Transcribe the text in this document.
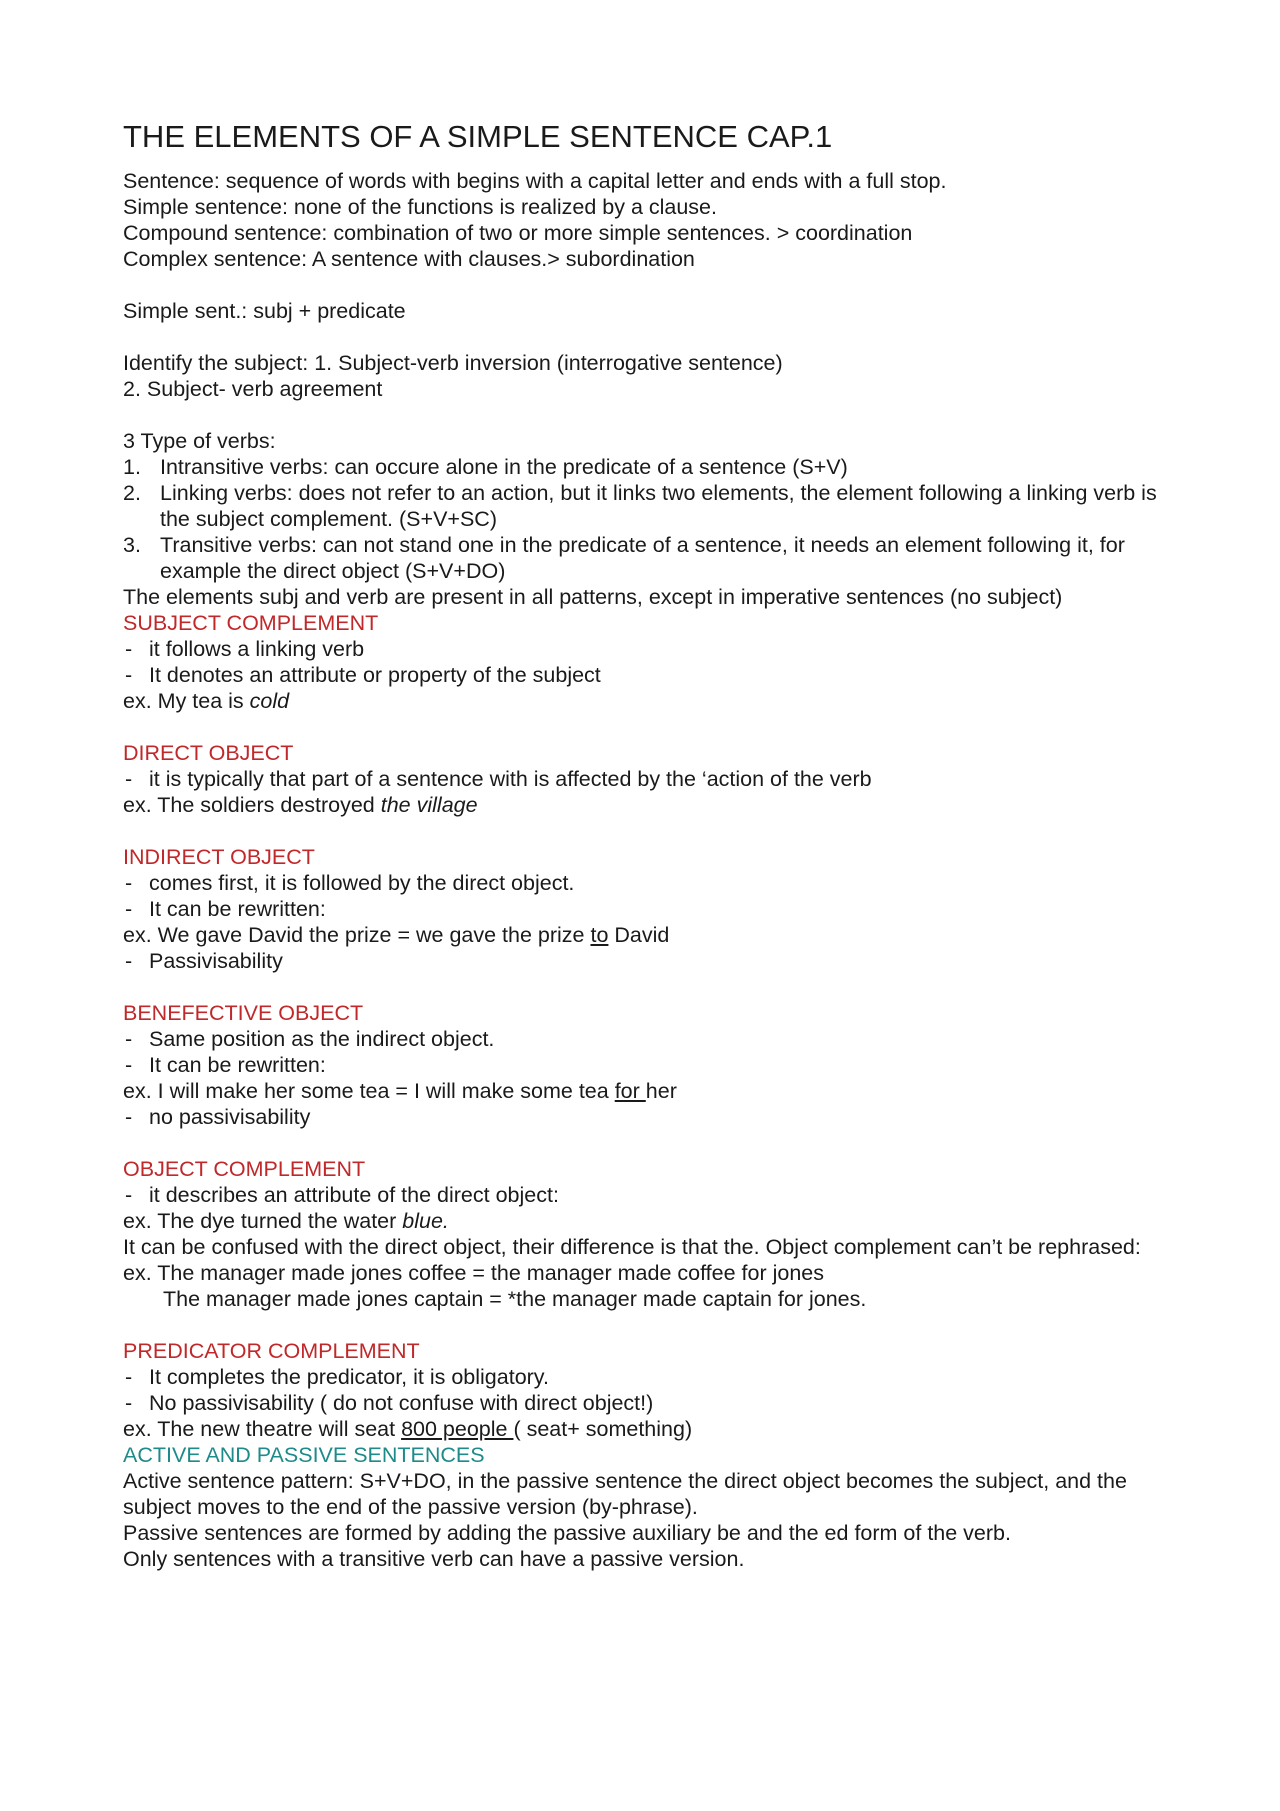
THE ELEMENTS OF A SIMPLE SENTENCE CAP.1

Sentence: sequence of words with begins with a capital letter and ends with a full stop.

Simple sentence: none of the functions is realized by a clause.

Compound sentence: combination of two or more simple sentences. > coordination

Complex sentence: A sentence with clauses.> subordination

Simple sent.: subj + predicate

Identify the subject: 1. Subject-verb inversion (interrogative sentence)

2. Subject- verb agreement

3 Type of verbs:

1. Intransitive verbs: can occure alone in the predicate of a sentence (S+V)
2. Linking verbs: does not refer to an action, but it links two elements, the element following a linking verb is the subject complement. (S+V+SC)
3. Transitive verbs: can not stand one in the predicate of a sentence, it needs an element following it, for example the direct object (S+V+DO)

The elements subj and verb are present in all patterns, except in imperative sentences (no subject)

SUBJECT COMPLEMENT

- it follows a linking verb

- It denotes an attribute or property of the subject

ex. My tea is cold

DIRECT OBJECT

- it is typically that part of a sentence with is affected by the ‘action of the verb

ex. The soldiers destroyed the village

INDIRECT OBJECT

- comes first, it is followed by the direct object.

- It can be rewritten:

ex. We gave David the prize = we gave the prize to David

- Passivisability

BENEFECTIVE OBJECT

- Same position as the indirect object.

- It can be rewritten:

ex. I will make her some tea = I will make some tea for her

- no passivisability

OBJECT COMPLEMENT

- it describes an attribute of the direct object:

ex. The dye turned the water blue.

It can be confused with the direct object, their difference is that the. Object complement can’t be rephrased:

ex. The manager made jones coffee = the manager made coffee for jones

The manager made jones captain = *the manager made captain for jones.

PREDICATOR COMPLEMENT

- It completes the predicator, it is obligatory.

- No passivisability ( do not confuse with direct object!)

ex. The new theatre will seat 800 people ( seat+ something)

ACTIVE AND PASSIVE SENTENCES

Active sentence pattern: S+V+DO, in the passive sentence the direct object becomes the subject, and the subject moves to the end of the passive version (by-phrase).

Passive sentences are formed by adding the passive auxiliary be and the ed form of the verb.

Only sentences with a transitive verb can have a passive version.
